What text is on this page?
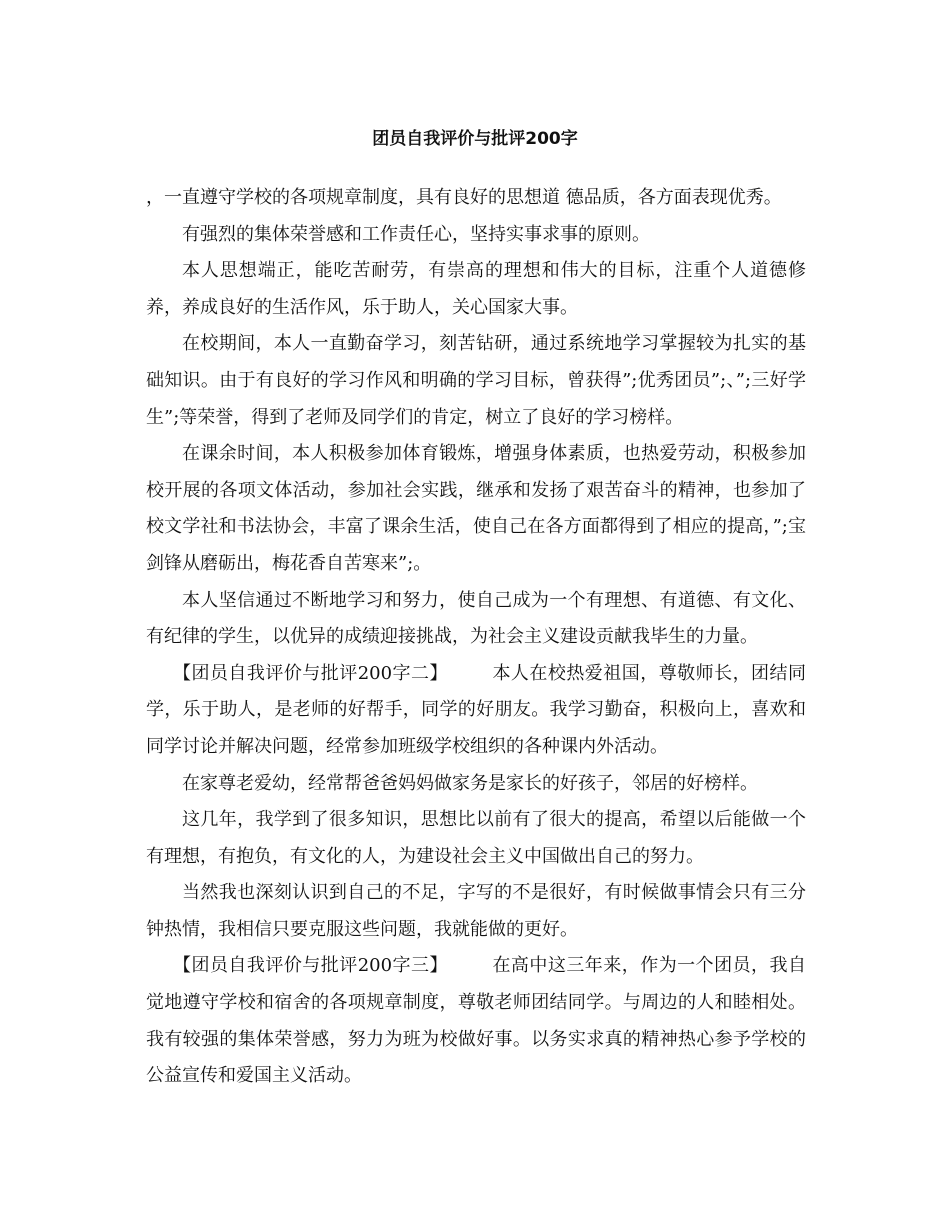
团员自我评价与批评200字

，一直遵守学校的各项规章制度，具有良好的思想道 德品质，各方面表现优秀。

有强烈的集体荣誉感和工作责任心，坚持实事求事的原则。

本人思想端正，能吃苦耐劳，有崇高的理想和伟大的目标，注重个人道德修养，养成良好的生活作风，乐于助人，关心国家大事。

在校期间，本人一直勤奋学习，刻苦钻研，通过系统地学习掌握较为扎实的基础知识。由于有良好的学习作风和明确的学习目标，曾获得”;优秀团员”;、”;三好学生”;等荣誉，得到了老师及同学们的肯定，树立了良好的学习榜样。

在课余时间，本人积极参加体育锻炼，增强身体素质，也热爱劳动，积极参加校开展的各项文体活动，参加社会实践，继承和发扬了艰苦奋斗的精神，也参加了校文学社和书法协会，丰富了课余生活，使自己在各方面都得到了相应的提高，”;宝剑锋从磨砺出，梅花香自苦寒来”;。

本人坚信通过不断地学习和努力，使自己成为一个有理想、有道德、有文化、有纪律的学生，以优异的成绩迎接挑战，为社会主义建设贡献我毕生的力量。

【团员自我评价与批评200字二】 本人在校热爱祖国，尊敬师长，团结同学，乐于助人，是老师的好帮手，同学的好朋友。我学习勤奋，积极向上，喜欢和同学讨论并解决问题，经常参加班级学校组织的各种课内外活动。

在家尊老爱幼，经常帮爸爸妈妈做家务是家长的好孩子，邻居的好榜样。

这几年，我学到了很多知识，思想比以前有了很大的提高，希望以后能做一个有理想，有抱负，有文化的人，为建设社会主义中国做出自己的努力。

当然我也深刻认识到自己的不足，字写的不是很好，有时候做事情会只有三分钟热情，我相信只要克服这些问题，我就能做的更好。

【团员自我评价与批评200字三】 在高中这三年来，作为一个团员，我自觉地遵守学校和宿舍的各项规章制度，尊敬老师团结同学。与周边的人和睦相处。我有较强的集体荣誉感，努力为班为校做好事。以务实求真的精神热心参予学校的公益宣传和爱国主义活动。
